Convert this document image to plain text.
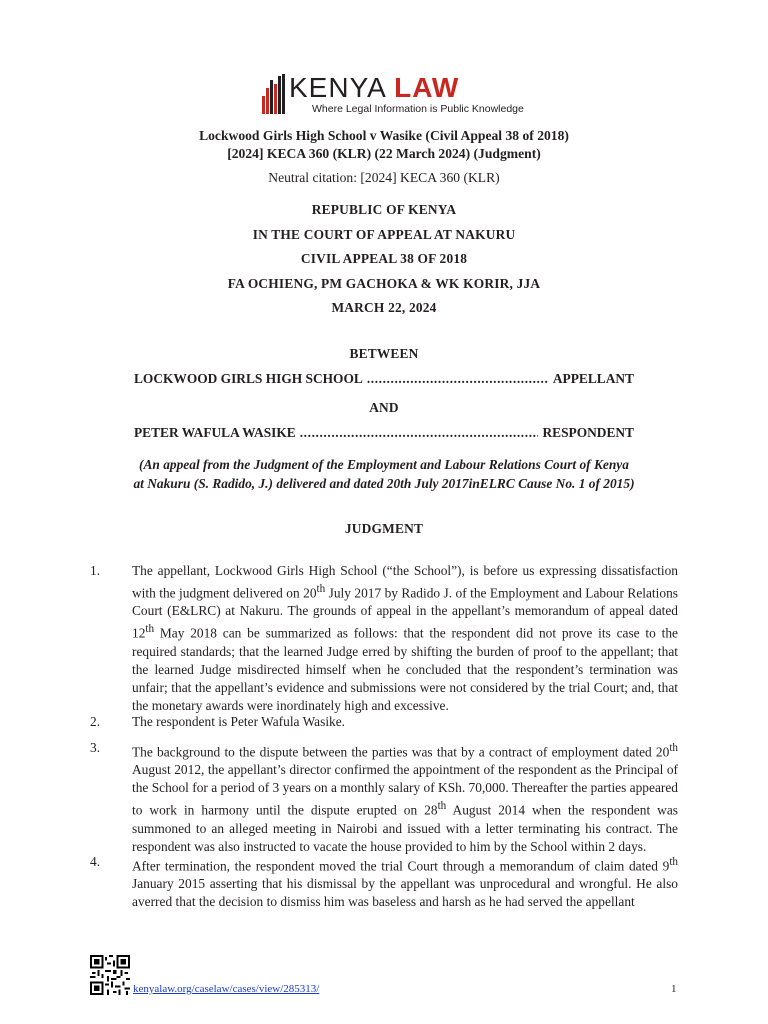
KENYA LAW
Where Legal Information is Public Knowledge
Lockwood Girls High School v Wasike (Civil Appeal 38 of 2018)
[2024] KECA 360 (KLR) (22 March 2024) (Judgment)
Neutral citation: [2024] KECA 360 (KLR)
REPUBLIC OF KENYA
IN THE COURT OF APPEAL AT NAKURU
CIVIL APPEAL 38 OF 2018
FA OCHIENG, PM GACHOKA & WK KORIR, JJA
MARCH 22, 2024
BETWEEN
LOCKWOOD GIRLS HIGH SCHOOL .....	APPELLANT
AND
PETER WAFULA WASIKE .....	RESPONDENT
(An appeal from the Judgment of the Employment and Labour Relations Court of Kenya
at Nakuru (S. Radido, J.) delivered and dated 20th July 2017inELRC Cause No. 1 of 2015)
JUDGMENT
1. The appellant, Lockwood Girls High School (“the School”), is before us expressing dissatisfaction with the judgment delivered on 20th July 2017 by Radido J. of the Employment and Labour Relations Court (E&LRC) at Nakuru. The grounds of appeal in the appellant’s memorandum of appeal dated 12th May 2018 can be summarized as follows: that the respondent did not prove its case to the required standards; that the learned Judge erred by shifting the burden of proof to the appellant; that the learned Judge misdirected himself when he concluded that the respondent’s termination was unfair; that the appellant’s evidence and submissions were not considered by the trial Court; and, that the monetary awards were inordinately high and excessive.
2. The respondent is Peter Wafula Wasike.
3. The background to the dispute between the parties was that by a contract of employment dated 20th August 2012, the appellant’s director confirmed the appointment of the respondent as the Principal of the School for a period of 3 years on a monthly salary of KSh. 70,000. Thereafter the parties appeared to work in harmony until the dispute erupted on 28th August 2014 when the respondent was summoned to an alleged meeting in Nairobi and issued with a letter terminating his contract. The respondent was also instructed to vacate the house provided to him by the School within 2 days.
4. After termination, the respondent moved the trial Court through a memorandum of claim dated 9th January 2015 asserting that his dismissal by the appellant was unprocedural and wrongful. He also averred that the decision to dismiss him was baseless and harsh as he had served the appellant
kenyalaw.org/caselaw/cases/view/285313/	1
